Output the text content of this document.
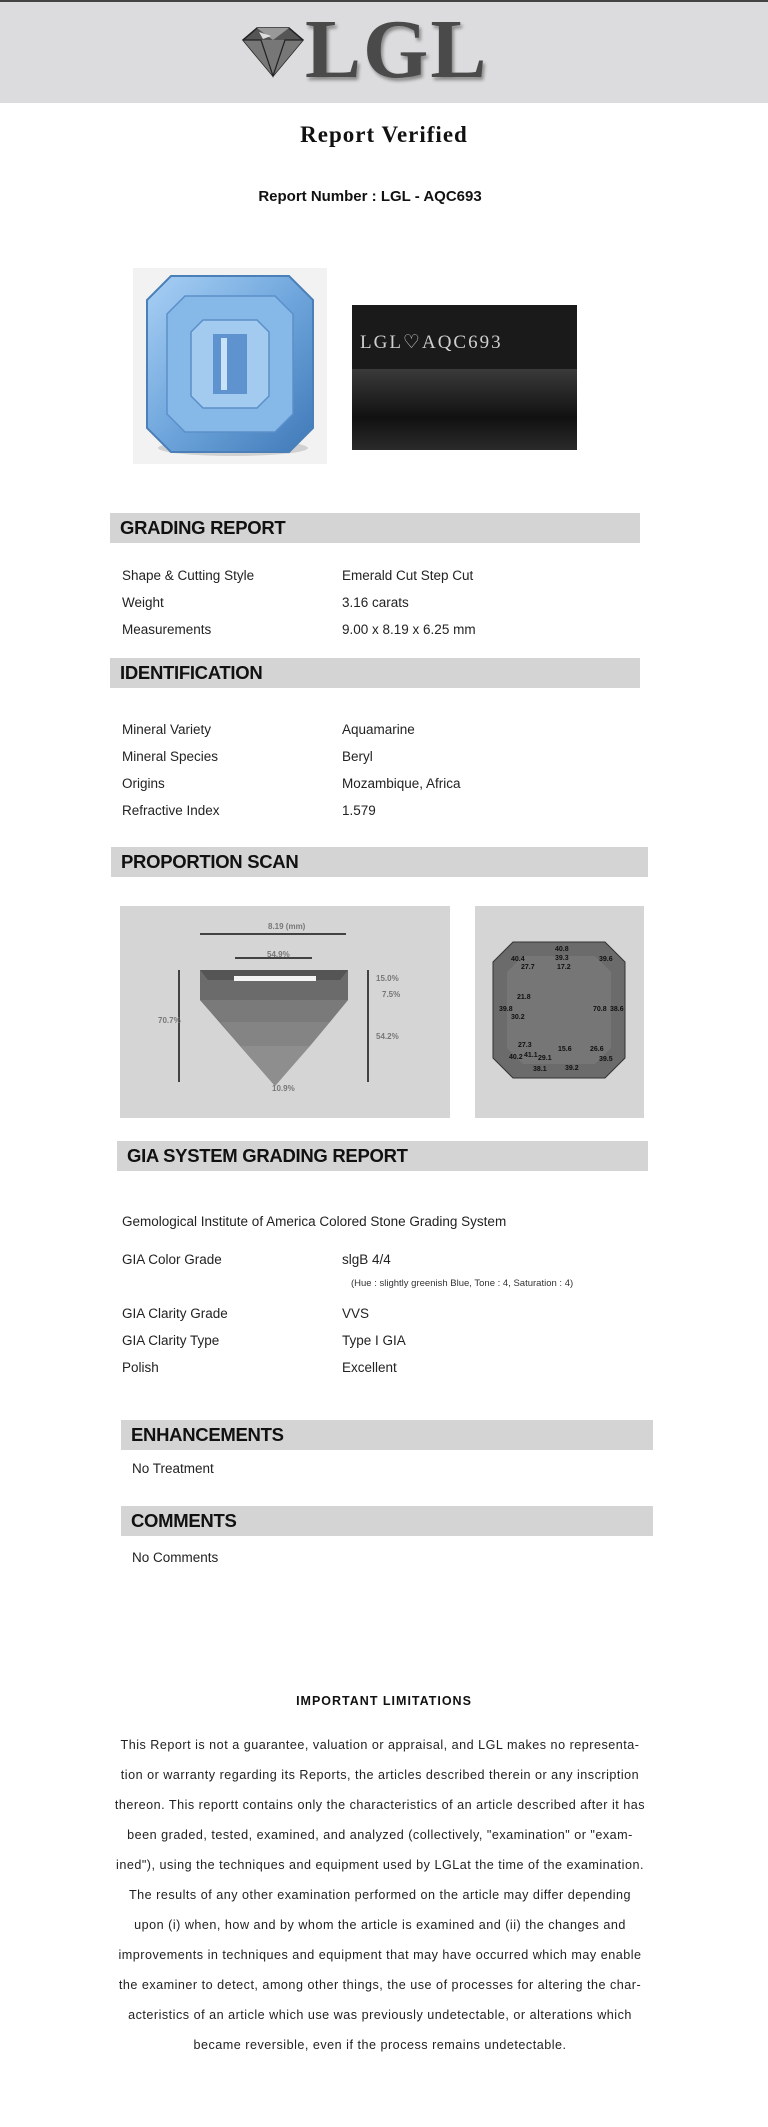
LGL
Report Verified
Report Number : LGL - AQC693
LGL♡AQC693
GRADING REPORT
Shape & Cutting Style	Emerald Cut Step Cut
Weight	3.16 carats
Measurements	9.00 x 8.19 x 6.25 mm
IDENTIFICATION
Mineral Variety	Aquamarine
Mineral Species	Beryl
Origins	Mozambique, Africa
Refractive Index	1.579
PROPORTION SCAN
8.19 (mm)
54.9%
15.0%
7.5%
70.7%
54.2%
10.9%
40.4
40.8
39.3	39.6
27.7	17.2
21.8
39.8
30.2
70.8 38.6
27.3
15.6	26.6
40.2 41.1 29.1	39.5
38.1	39.2
GIA SYSTEM GRADING REPORT
Gemological Institute of America Colored Stone Grading System
GIA Color Grade	slgB 4/4
(Hue : slightly greenish Blue, Tone : 4, Saturation : 4)
GIA Clarity Grade	VVS
GIA Clarity Type	Type I GIA
Polish	Excellent
ENHANCEMENTS
No Treatment
COMMENTS
No Comments
IMPORTANT LIMITATIONS
This Report is not a guarantee, valuation or appraisal, and LGL makes no representa-
tion or warranty regarding its Reports, the articles described therein or any inscription
thereon. This reportt contains only the characteristics of an article described after it has
been graded, tested, examined, and analyzed (collectively, "examination" or "exam-
ined"), using the techniques and equipment used by LGLat the time of the examination.
The results of any other examination performed on the article may differ depending
upon (i) when, how and by whom the article is examined and (ii) the changes and
improvements in techniques and equipment that may have occurred which may enable
the examiner to detect, among other things, the use of processes for altering the char-
acteristics of an article which use was previously undetectable, or alterations which
became reversible, even if the process remains undetectable.
